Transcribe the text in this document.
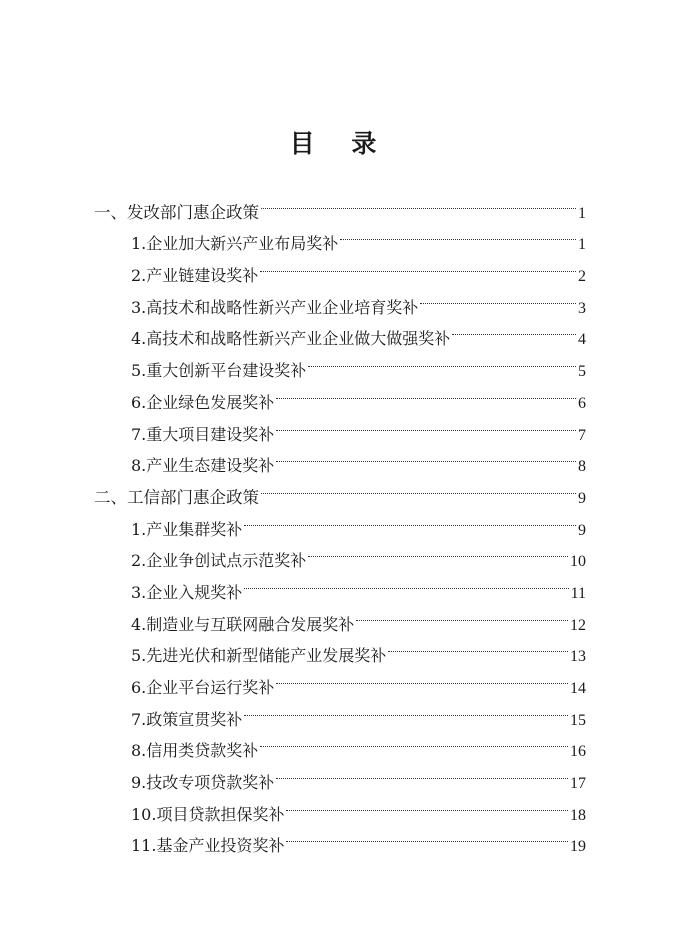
目 录
一、发改部门惠企政策	1
1.企业加大新兴产业布局奖补	1
2.产业链建设奖补	2
3.高技术和战略性新兴产业企业培育奖补	3
4.高技术和战略性新兴产业企业做大做强奖补	4
5.重大创新平台建设奖补	5
6.企业绿色发展奖补	6
7.重大项目建设奖补	7
8.产业生态建设奖补	8
二、工信部门惠企政策	9
1.产业集群奖补	9
2.企业争创试点示范奖补	10
3.企业入规奖补	11
4.制造业与互联网融合发展奖补	12
5.先进光伏和新型储能产业发展奖补	13
6.企业平台运行奖补	14
7.政策宣贯奖补	15
8.信用类贷款奖补	16
9.技改专项贷款奖补	17
10.项目贷款担保奖补	18
11.基金产业投资奖补	19
